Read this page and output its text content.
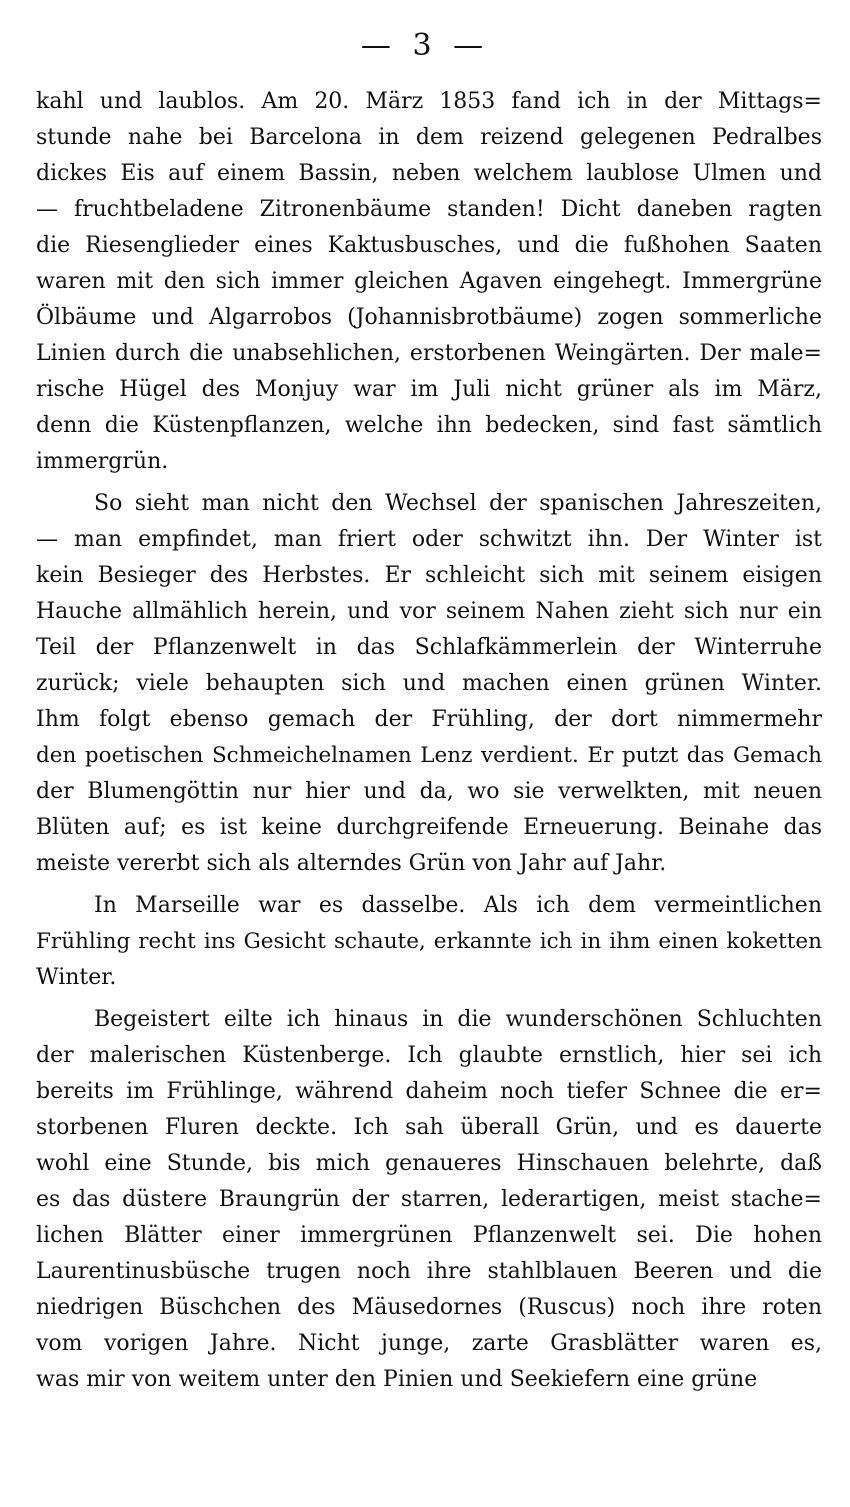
— 3 —
kahl und laublos. Am 20. März 1853 fand ich in der Mittags=
stunde nahe bei Barcelona in dem reizend gelegenen Pedralbes
dickes Eis auf einem Bassin, neben welchem laublose Ulmen und
— fruchtbeladene Zitronenbäume standen! Dicht daneben ragten
die Riesenglieder eines Kaktusbusches, und die fußhohen Saaten
waren mit den sich immer gleichen Agaven eingehegt. Immergrüne
Ölbäume und Algarrobos (Johannisbrotbäume) zogen sommerliche
Linien durch die unabsehlichen, erstorbenen Weingärten. Der male=
rische Hügel des Monjuy war im Juli nicht grüner als im März,
denn die Küstenpflanzen, welche ihn bedecken, sind fast sämtlich
immergrün.
So sieht man nicht den Wechsel der spanischen Jahreszeiten,
— man empfindet, man friert oder schwitzt ihn. Der Winter ist
kein Besieger des Herbstes. Er schleicht sich mit seinem eisigen
Hauche allmählich herein, und vor seinem Nahen zieht sich nur ein
Teil der Pflanzenwelt in das Schlafkämmerlein der Winterruhe
zurück; viele behaupten sich und machen einen grünen Winter.
Ihm folgt ebenso gemach der Frühling, der dort nimmermehr
den poetischen Schmeichelnamen Lenz verdient. Er putzt das Gemach
der Blumengöttin nur hier und da, wo sie verwelkten, mit neuen
Blüten auf; es ist keine durchgreifende Erneuerung. Beinahe das
meiste vererbt sich als alterndes Grün von Jahr auf Jahr.
In Marseille war es dasselbe. Als ich dem vermeintlichen
Frühling recht ins Gesicht schaute, erkannte ich in ihm einen koketten
Winter.
Begeistert eilte ich hinaus in die wunderschönen Schluchten
der malerischen Küstenberge. Ich glaubte ernstlich, hier sei ich
bereits im Frühlinge, während daheim noch tiefer Schnee die er=
storbenen Fluren deckte. Ich sah überall Grün, und es dauerte
wohl eine Stunde, bis mich genaueres Hinschauen belehrte, daß
es das düstere Braungrün der starren, lederartigen, meist stache=
lichen Blätter einer immergrünen Pflanzenwelt sei. Die hohen
Laurentinusbüsche trugen noch ihre stahlblauen Beeren und die
niedrigen Büschchen des Mäusedornes (Ruscus) noch ihre roten
vom vorigen Jahre. Nicht junge, zarte Grasblätter waren es,
was mir von weitem unter den Pinien und Seekiefern eine grüne
